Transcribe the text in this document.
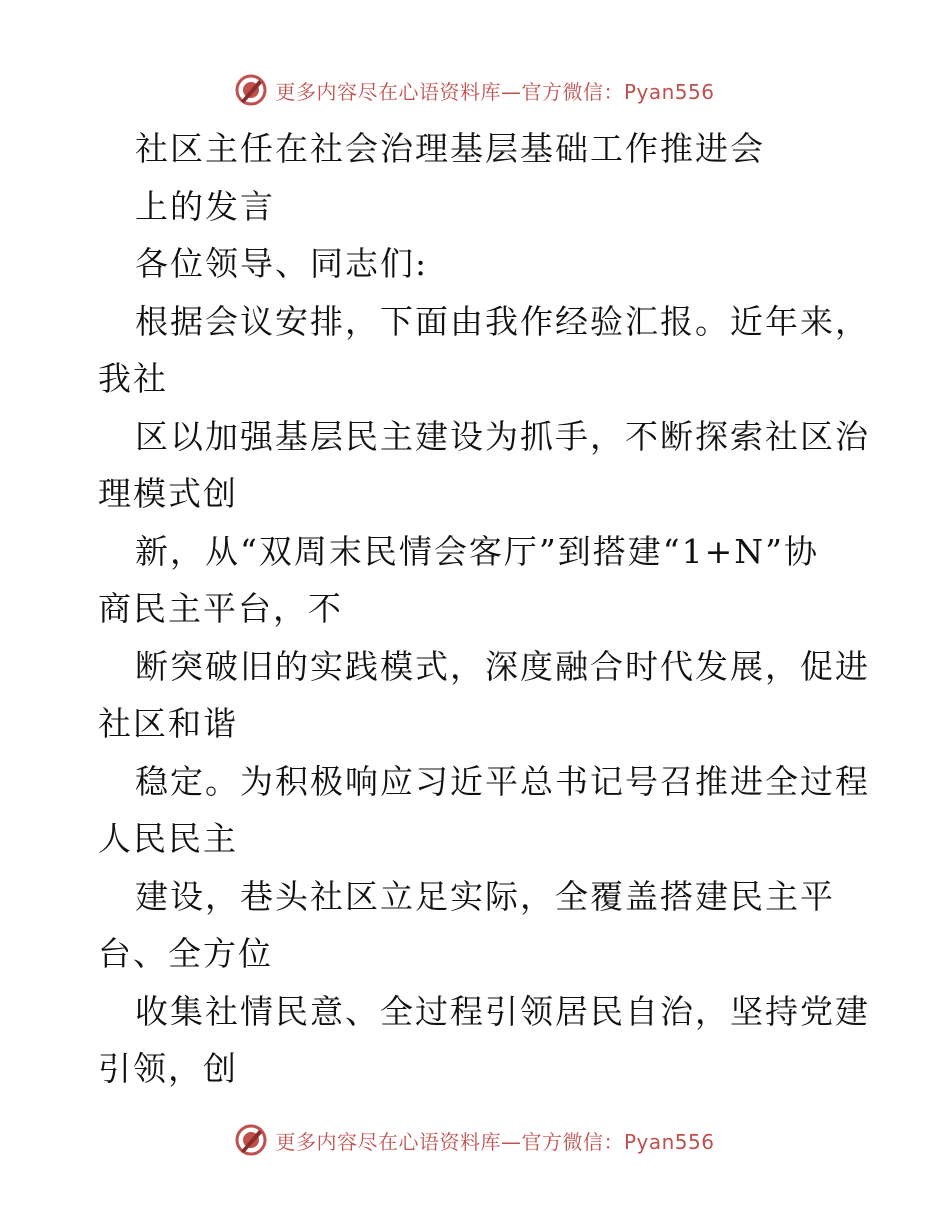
更多内容尽在心语资料库—官方微信：Pyan556
社区主任在社会治理基层基础工作推进会
上的发言
各位领导、同志们:
根据会议安排，下面由我作经验汇报。近年来，
我社
区以加强基层民主建设为抓手，不断探索社区治
理模式创
新，从“双周末民情会客厅”到搭建“1+N”协
商民主平台，不
断突破旧的实践模式，深度融合时代发展，促进
社区和谐
稳定。为积极响应习近平总书记号召推进全过程
人民民主
建设，巷头社区立足实际，全覆盖搭建民主平
台、全方位
收集社情民意、全过程引领居民自治，坚持党建
引领，创
更多内容尽在心语资料库—官方微信：Pyan556
